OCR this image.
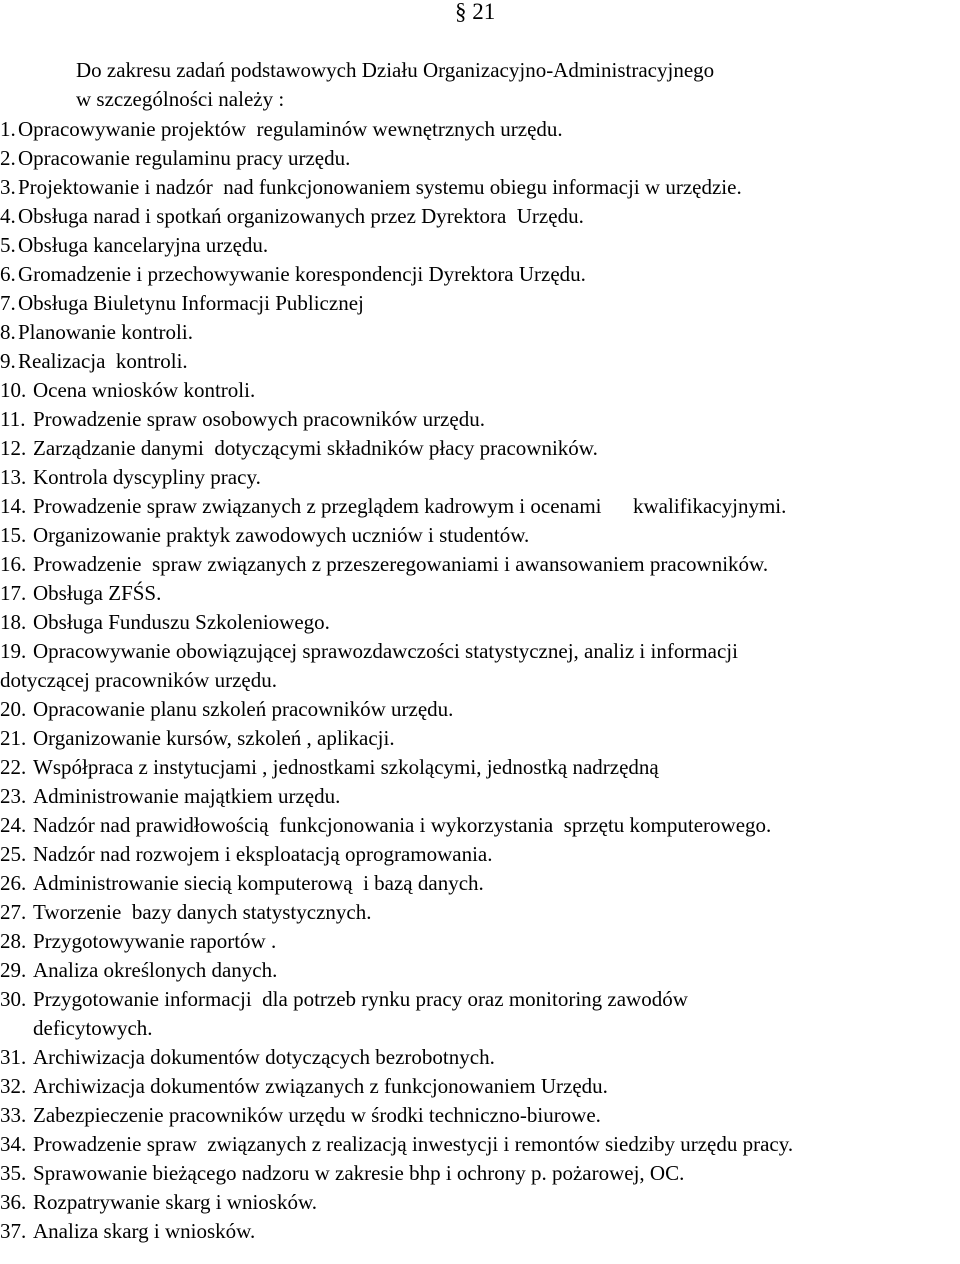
§ 21
Do zakresu zadań podstawowych Działu Organizacyjno-Administracyjnego
w szczególności należy :
1. Opracowywanie projektów  regulaminów wewnętrznych urzędu.
2. Opracowanie regulaminu pracy urzędu.
3. Projektowanie i nadzór  nad funkcjonowaniem systemu obiegu informacji w urzędzie.
4. Obsługa narad i spotkań organizowanych przez Dyrektora  Urzędu.
5. Obsługa kancelaryjna urzędu.
6. Gromadzenie i przechowywanie korespondencji Dyrektora Urzędu.
7. Obsługa Biuletynu Informacji Publicznej
8. Planowanie kontroli.
9. Realizacja  kontroli.
10. Ocena wniosków kontroli.
11. Prowadzenie spraw osobowych pracowników urzędu.
12. Zarządzanie danymi  dotyczącymi składników płacy pracowników.
13. Kontrola dyscypliny pracy.
14. Prowadzenie spraw związanych z przeglądem kadrowym i ocenami      kwalifikacyjnymi.
15. Organizowanie praktyk zawodowych uczniów i studentów.
16. Prowadzenie  spraw związanych z przeszeregowaniami i awansowaniem pracowników.
17. Obsługa ZFŚS.
18. Obsługa Funduszu Szkoleniowego.
19. Opracowywanie obowiązującej sprawozdawczości statystycznej, analiz i informacji
dotyczącej pracowników urzędu.
20. Opracowanie planu szkoleń pracowników urzędu.
21. Organizowanie kursów, szkoleń , aplikacji.
22. Współpraca z instytucjami , jednostkami szkolącymi, jednostką nadrzędną
23. Administrowanie majątkiem urzędu.
24. Nadzór nad prawidłowością  funkcjonowania i wykorzystania  sprzętu komputerowego.
25. Nadzór nad rozwojem i eksploatacją oprogramowania.
26. Administrowanie siecią komputerową  i bazą danych.
27. Tworzenie  bazy danych statystycznych.
28. Przygotowywanie raportów .
29. Analiza określonych danych.
30. Przygotowanie informacji  dla potrzeb rynku pracy oraz monitoring zawodów
deficytowych.
31. Archiwizacja dokumentów dotyczących bezrobotnych.
32. Archiwizacja dokumentów związanych z funkcjonowaniem Urzędu.
33. Zabezpieczenie pracowników urzędu w środki techniczno-biurowe.
34. Prowadzenie spraw  związanych z realizacją inwestycji i remontów siedziby urzędu pracy.
35. Sprawowanie bieżącego nadzoru w zakresie bhp i ochrony p. pożarowej, OC.
36. Rozpatrywanie skarg i wniosków.
37. Analiza skarg i wniosków.
